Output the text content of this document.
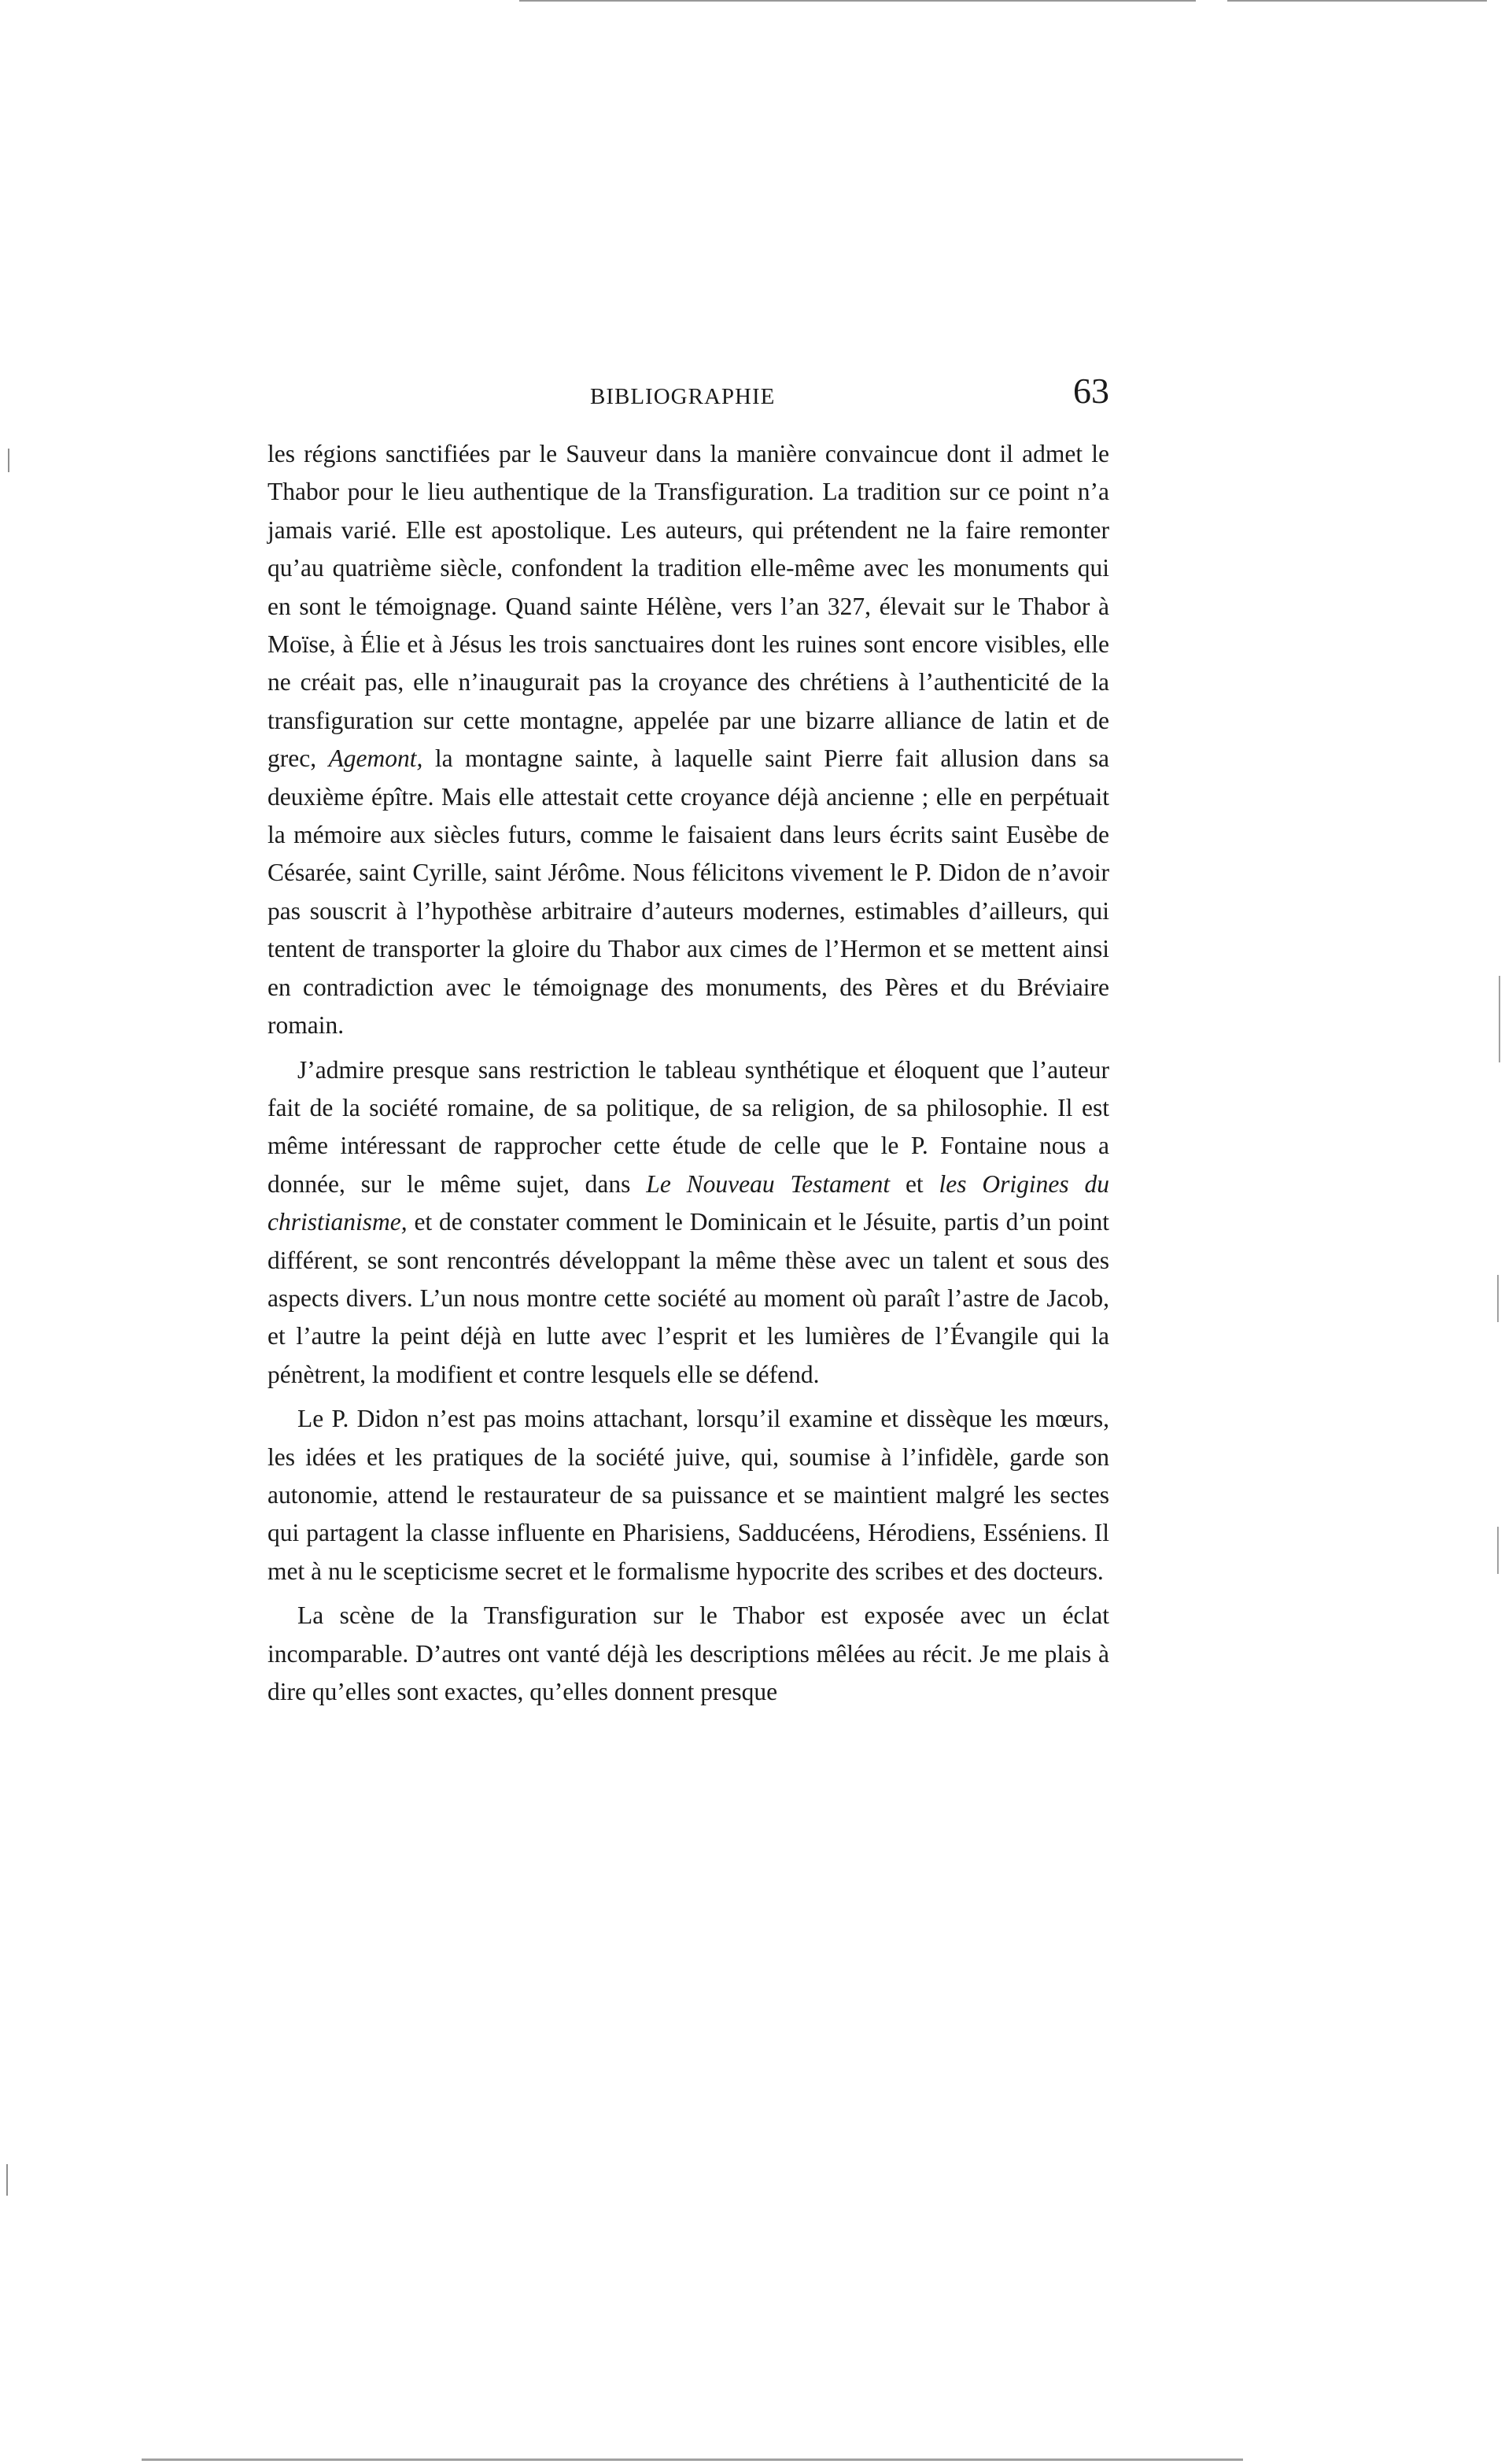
BIBLIOGRAPHIE	63

les régions sanctifiées par le Sauveur dans la manière convaincue dont il admet le Thabor pour le lieu authentique de la Transfiguration. La tradition sur ce point n’a jamais varié. Elle est apostolique. Les auteurs, qui prétendent ne la faire remonter qu’au quatrième siècle, confondent la tradition elle-même avec les monuments qui en sont le témoignage. Quand sainte Hélène, vers l’an 327, élevait sur le Thabor à Moïse, à Élie et à Jésus les trois sanctuaires dont les ruines sont encore visibles, elle ne créait pas, elle n’inaugurait pas la croyance des chrétiens à l’authenticité de la transfiguration sur cette montagne, appelée par une bizarre alliance de latin et de grec, Agemont, la montagne sainte, à laquelle saint Pierre fait allusion dans sa deuxième épître. Mais elle attestait cette croyance déjà ancienne ; elle en perpétuait la mémoire aux siècles futurs, comme le faisaient dans leurs écrits saint Eusèbe de Césarée, saint Cyrille, saint Jérôme. Nous félicitons vivement le P. Didon de n’avoir pas souscrit à l’hypothèse arbitraire d’auteurs modernes, estimables d’ailleurs, qui tentent de transporter la gloire du Thabor aux cimes de l’Hermon et se mettent ainsi en contradiction avec le témoignage des monuments, des Pères et du Bréviaire romain.

J’admire presque sans restriction le tableau synthétique et éloquent que l’auteur fait de la société romaine, de sa politique, de sa religion, de sa philosophie. Il est même intéressant de rapprocher cette étude de celle que le P. Fontaine nous a donnée, sur le même sujet, dans Le Nouveau Testament et les Origines du christianisme, et de constater comment le Dominicain et le Jésuite, partis d’un point différent, se sont rencontrés développant la même thèse avec un talent et sous des aspects divers. L’un nous montre cette société au moment où paraît l’astre de Jacob, et l’autre la peint déjà en lutte avec l’esprit et les lumières de l’Évangile qui la pénètrent, la modifient et contre lesquels elle se défend.

Le P. Didon n’est pas moins attachant, lorsqu’il examine et dissèque les mœurs, les idées et les pratiques de la société juive, qui, soumise à l’infidèle, garde son autonomie, attend le restaurateur de sa puissance et se maintient malgré les sectes qui partagent la classe influente en Pharisiens, Sadducéens, Hérodiens, Esséniens. Il met à nu le scepticisme secret et le formalisme hypocrite des scribes et des docteurs.

La scène de la Transfiguration sur le Thabor est exposée avec un éclat incomparable. D’autres ont vanté déjà les descriptions mêlées au récit. Je me plais à dire qu’elles sont exactes, qu’elles donnent presque
